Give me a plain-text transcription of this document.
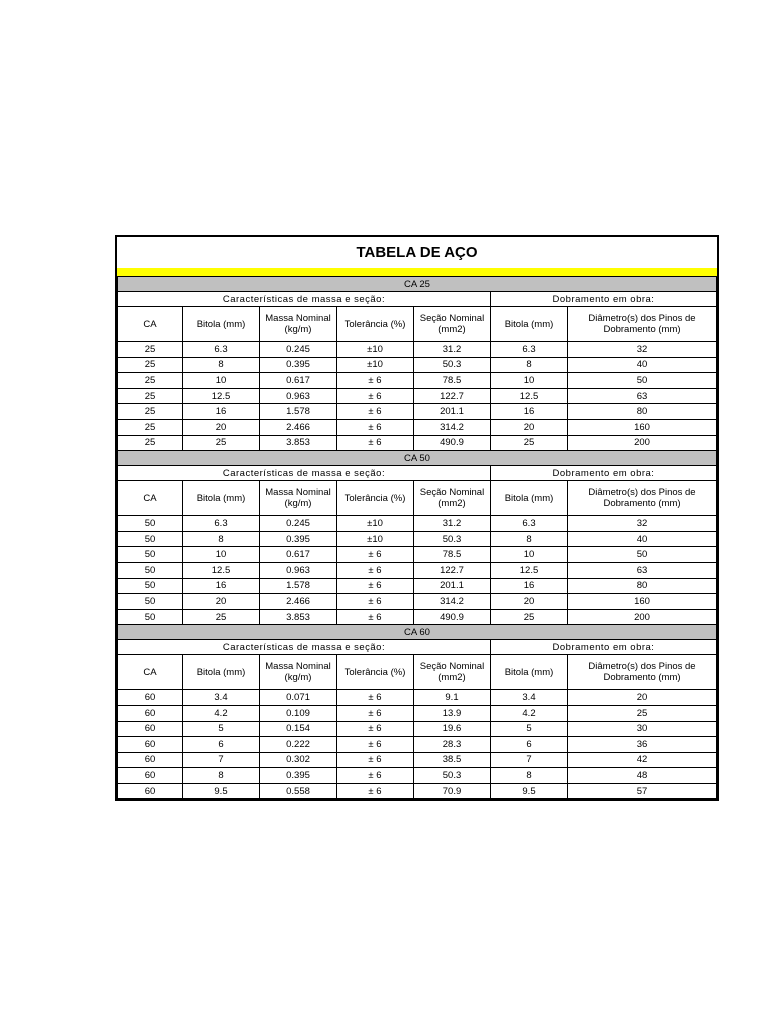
TABELA DE AÇO
CA 25						
Características de massa e seção:					Dobramento em obra:	
CA	Bitola (mm)	Massa Nominal (kg/m)	Tolerância (%)	Seção Nominal (mm2)	Bitola (mm)	Diâmetro(s) dos Pinos de Dobramento (mm)
25	6.3	0.245	±10	31.2	6.3	32
25	8	0.395	±10	50.3	8	40
25	10	0.617	± 6	78.5	10	50
25	12.5	0.963	± 6	122.7	12.5	63
25	16	1.578	± 6	201.1	16	80
25	20	2.466	± 6	314.2	20	160
25	25	3.853	± 6	490.9	25	200
CA 50						
Características de massa e seção:					Dobramento em obra:	
CA	Bitola (mm)	Massa Nominal (kg/m)	Tolerância (%)	Seção Nominal (mm2)	Bitola (mm)	Diâmetro(s) dos Pinos de Dobramento (mm)
50	6.3	0.245	±10	31.2	6.3	32
50	8	0.395	±10	50.3	8	40
50	10	0.617	± 6	78.5	10	50
50	12.5	0.963	± 6	122.7	12.5	63
50	16	1.578	± 6	201.1	16	80
50	20	2.466	± 6	314.2	20	160
50	25	3.853	± 6	490.9	25	200
CA 60						
Características de massa e seção:					Dobramento em obra:	
CA	Bitola (mm)	Massa Nominal (kg/m)	Tolerância (%)	Seção Nominal (mm2)	Bitola (mm)	Diâmetro(s) dos Pinos de Dobramento (mm)
60	3.4	0.071	± 6	9.1	3.4	20
60	4.2	0.109	± 6	13.9	4.2	25
60	5	0.154	± 6	19.6	5	30
60	6	0.222	± 6	28.3	6	36
60	7	0.302	± 6	38.5	7	42
60	8	0.395	± 6	50.3	8	48
60	9.5	0.558	± 6	70.9	9.5	57
